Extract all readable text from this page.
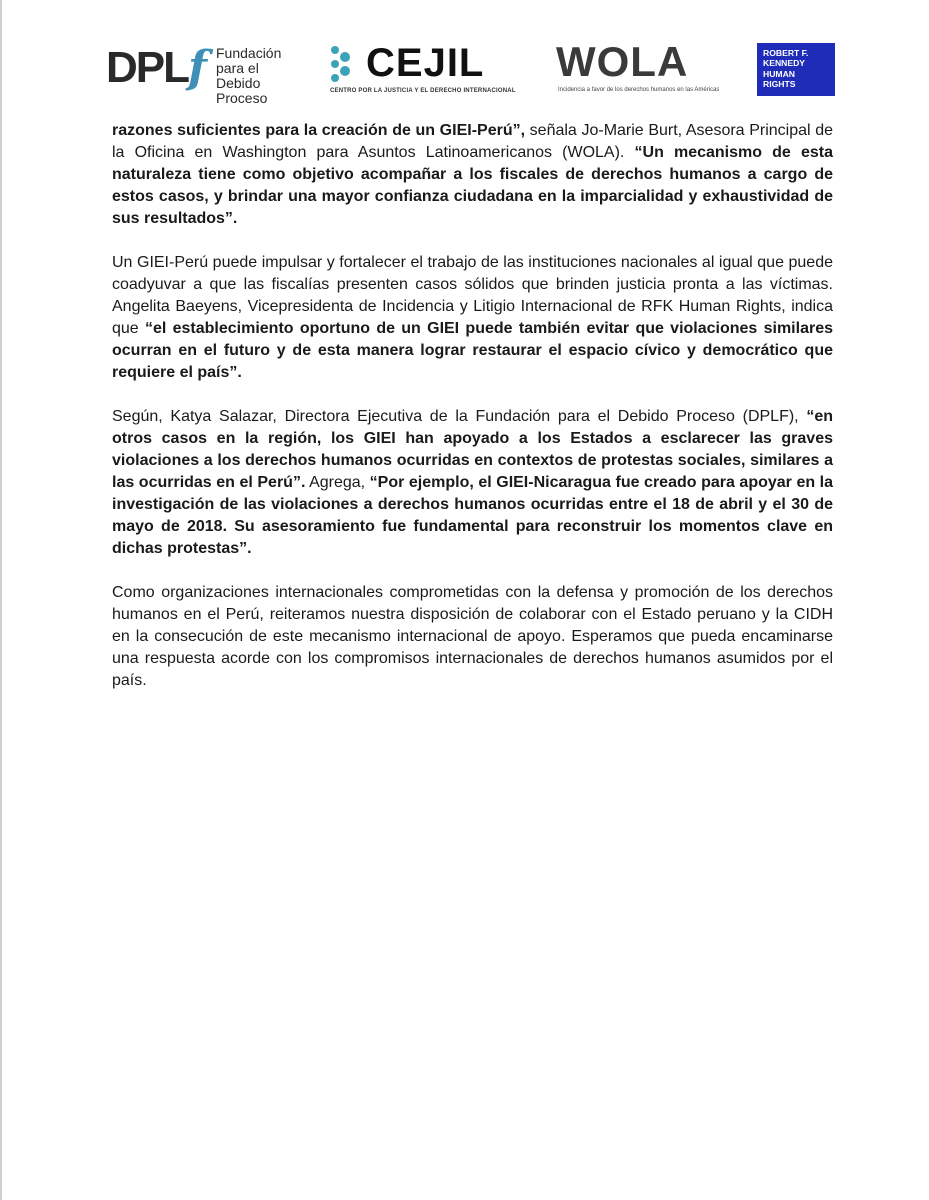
DPLf Fundación
para el Debido
Proceso
CEJIL
CENTRO POR LA JUSTICIA Y EL DERECHO INTERNACIONAL
WOLA
Incidencia a favor de los derechos humanos en las Américas
ROBERT F.
KENNEDY
HUMAN
RIGHTS

razones suficientes para la creación de un GIEI-Perú”, señala Jo-Marie Burt, Asesora Principal de la Oficina en Washington para Asuntos Latinoamericanos (WOLA). “Un mecanismo de esta naturaleza tiene como objetivo acompañar a los fiscales de derechos humanos a cargo de estos casos, y brindar una mayor confianza ciudadana en la imparcialidad y exhaustividad de sus resultados”.

Un GIEI-Perú puede impulsar y fortalecer el trabajo de las instituciones nacionales al igual que puede coadyuvar a que las fiscalías presenten casos sólidos que brinden justicia pronta a las víctimas. Angelita Baeyens, Vicepresidenta de Incidencia y Litigio Internacional de RFK Human Rights, indica que “el establecimiento oportuno de un GIEI puede también evitar que violaciones similares ocurran en el futuro y de esta manera lograr restaurar el espacio cívico y democrático que requiere el país”.

Según, Katya Salazar, Directora Ejecutiva de la Fundación para el Debido Proceso (DPLF), “en otros casos en la región, los GIEI han apoyado a los Estados a esclarecer las graves violaciones a los derechos humanos ocurridas en contextos de protestas sociales, similares a las ocurridas en el Perú”. Agrega, “Por ejemplo, el GIEI-Nicaragua fue creado para apoyar en la investigación de las violaciones a derechos humanos ocurridas entre el 18 de abril y el 30 de mayo de 2018. Su asesoramiento fue fundamental para reconstruir los momentos clave en dichas protestas”.

Como organizaciones internacionales comprometidas con la defensa y promoción de los derechos humanos en el Perú, reiteramos nuestra disposición de colaborar con el Estado peruano y la CIDH en la consecución de este mecanismo internacional de apoyo. Esperamos que pueda encaminarse una respuesta acorde con los compromisos internacionales de derechos humanos asumidos por el país.
